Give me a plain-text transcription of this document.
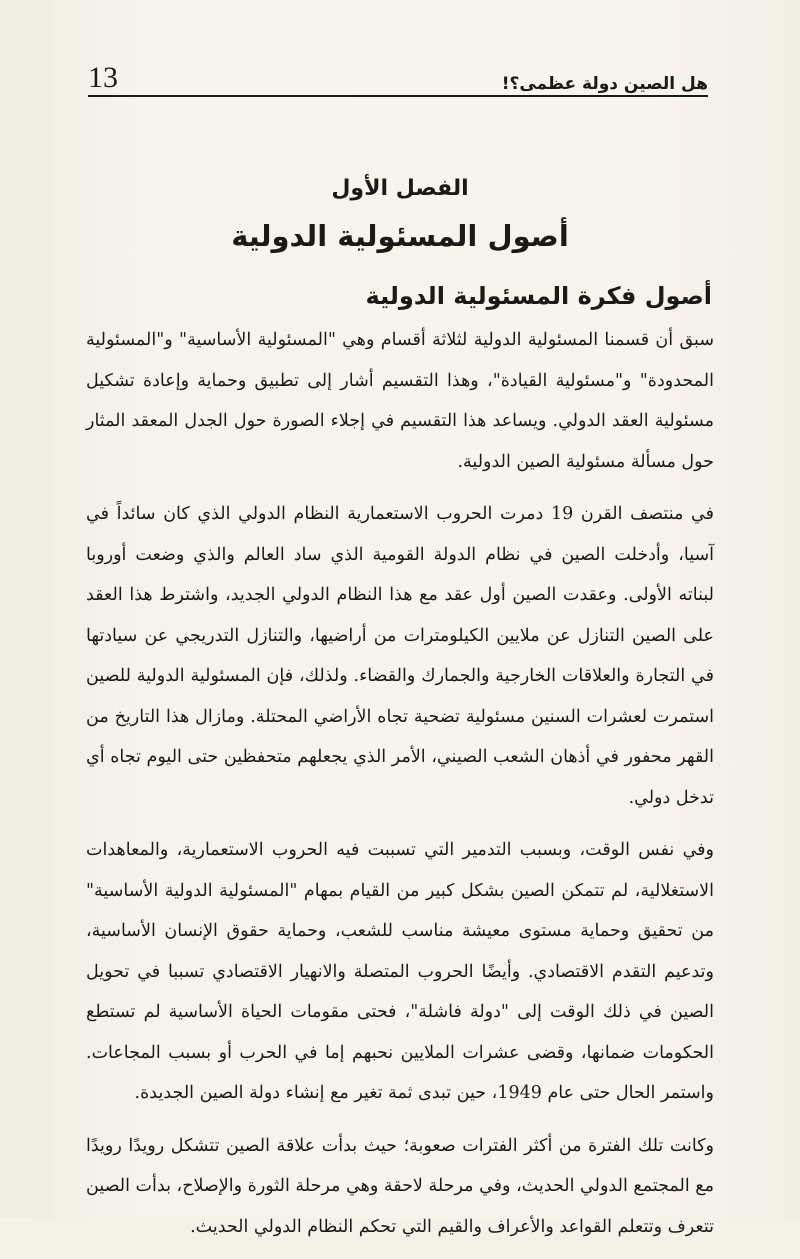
هل الصين دولة عظمى؟!
13
الفصل الأول
أصول المسئولية الدولية
أصول فكرة المسئولية الدولية

سبق أن قسمنا المسئولية الدولية لثلاثة أقسام وهي "المسئولية الأساسية" و"المسئولية المحدودة" و"مسئولية القيادة"، وهذا التقسيم أشار إلى تطبيق وحماية وإعادة تشكيل مسئولية العقد الدولي. ويساعد هذا التقسيم في إجلاء الصورة حول الجدل المعقد المثار حول مسألة مسئولية الصين الدولية.

في منتصف القرن 19 دمرت الحروب الاستعمارية النظام الدولي الذي كان سائداً في آسيا، وأدخلت الصين في نظام الدولة القومية الذي ساد العالم والذي وضعت أوروبا لبناته الأولى. وعقدت الصين أول عقد مع هذا النظام الدولي الجديد، واشترط هذا العقد على الصين التنازل عن ملايين الكيلومترات من أراضيها، والتنازل التدريجي عن سيادتها في التجارة والعلاقات الخارجية والجمارك والقضاء. ولذلك، فإن المسئولية الدولية للصين استمرت لعشرات السنين مسئولية تضحية تجاه الأراضي المحتلة. ومازال هذا التاريخ من القهر محفور في أذهان الشعب الصيني، الأمر الذي يجعلهم متحفظين حتى اليوم تجاه أي تدخل دولي.

وفي نفس الوقت، وبسبب التدمير التي تسببت فيه الحروب الاستعمارية، والمعاهدات الاستغلالية، لم تتمكن الصين بشكل كبير من القيام بمهام "المسئولية الدولية الأساسية" من تحقيق وحماية مستوى معيشة مناسب للشعب، وحماية حقوق الإنسان الأساسية، وتدعيم التقدم الاقتصادي. وأيضًا الحروب المتصلة والانهيار الاقتصادي تسببا في تحويل الصين في ذلك الوقت إلى "دولة فاشلة"، فحتى مقومات الحياة الأساسية لم تستطع الحكومات ضمانها، وقضى عشرات الملايين نحبهم إما في الحرب أو بسبب المجاعات. واستمر الحال حتى عام 1949، حين تبدى ثمة تغير مع إنشاء دولة الصين الجديدة.

وكانت تلك الفترة من أكثر الفترات صعوبة؛ حيث بدأت علاقة الصين تتشكل رويدًا رويدًا مع المجتمع الدولي الحديث، وفي مرحلة لاحقة وهي مرحلة الثورة والإصلاح، بدأت الصين تتعرف وتتعلم القواعد والأعراف والقيم التي تحكم النظام الدولي الحديث.
